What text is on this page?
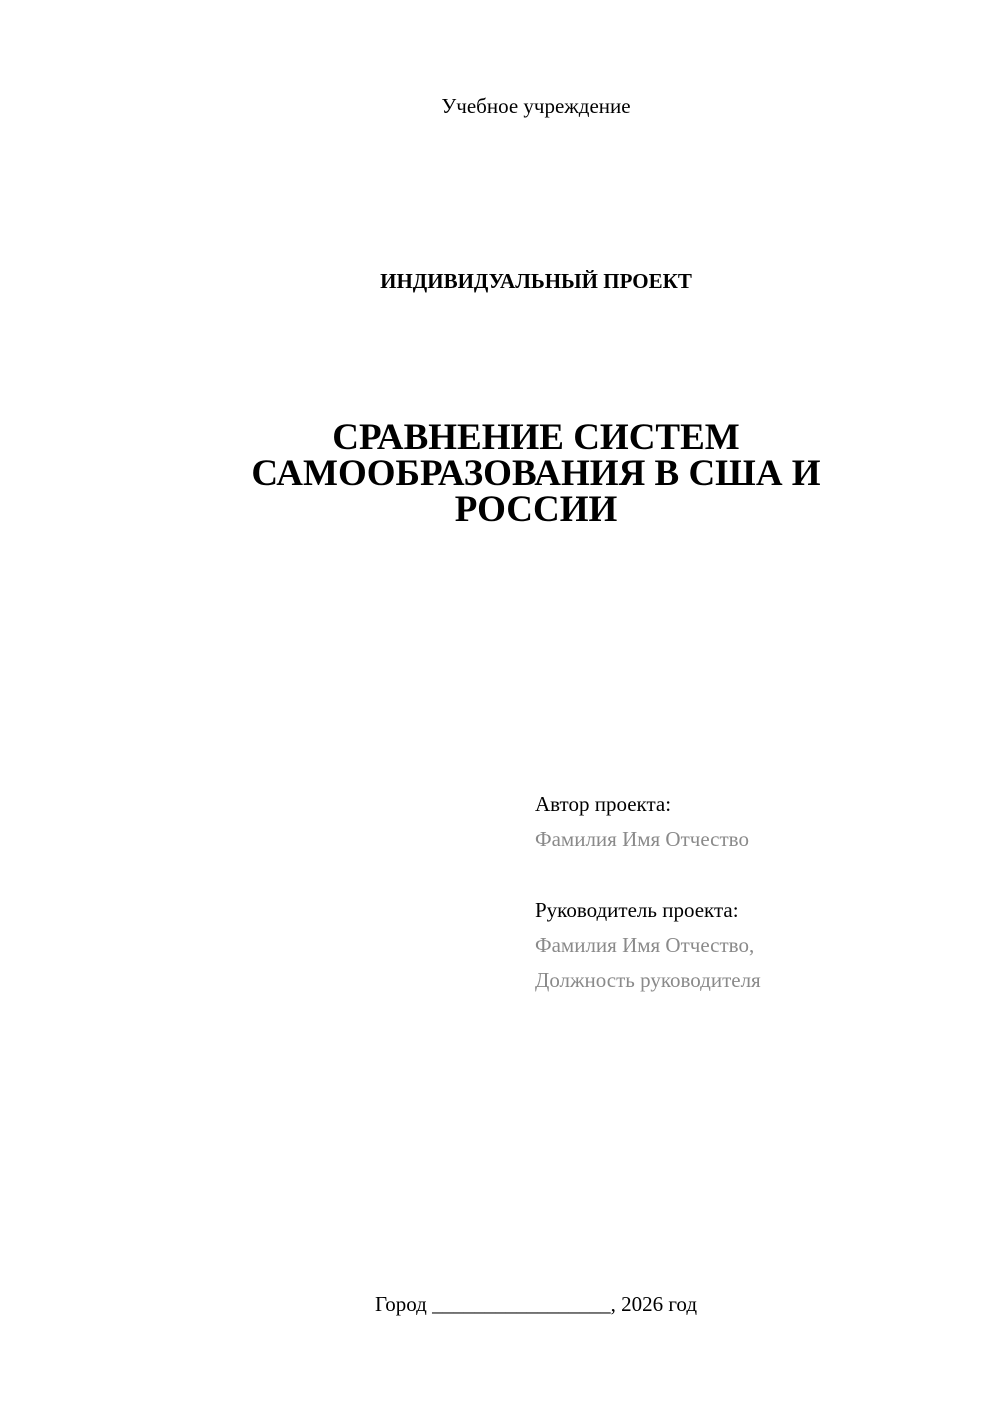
Учебное учреждение
ИНДИВИДУАЛЬНЫЙ ПРОЕКТ
СРАВНЕНИЕ СИСТЕМ
САМООБРАЗОВАНИЯ В США И
РОССИИ
Автор проекта:
Фамилия Имя Отчество
Руководитель проекта:
Фамилия Имя Отчество,
Должность руководителя
Город _________________, 2026 год
